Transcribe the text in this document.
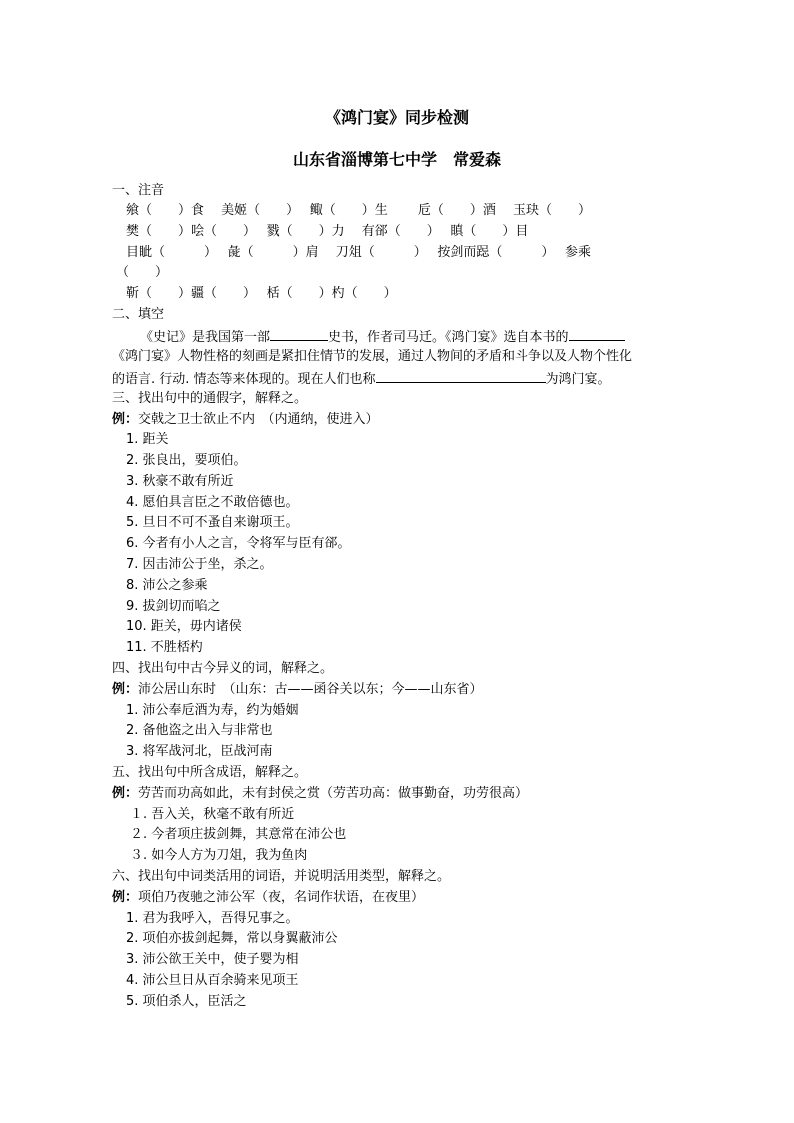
《鸿门宴》同步检测
山东省淄博第七中学　常爱森
一、注音
飨（　　）食　 美姬（　　）　 鲰（　　）生　　 卮（　　）酒　 玉玦（　　）
樊（　　）哙（　　）　 戮（　　）力　 有郤（　　）　 瞋（　　）目
目眦（　　　）　 彘（　　　）肩　 刀俎（　　　）　 按剑而跽（　　　）　 参乘
（　　）
靳（　　）疆（　　）　 栝（　　）杓（　　）
二、填空
《史记》是我国第一部	史书，作者司马迁。《鸿门宴》选自本书的
《鸿门宴》人物性格的刻画是紧扣住情节的发展，通过人物间的矛盾和斗争以及人物个性化
的语言. 行动. 情态等来体现的。现在人们也称	为鸿门宴。
三、找出句中的通假字，解释之。
例：交戟之卫士欲止不内　（内通纳，使进入）
1. 距关
2. 张良出，要项伯。
3. 秋豪不敢有所近
4. 愿伯具言臣之不敢倍德也。
5. 旦日不可不蚤自来谢项王。
6. 今者有小人之言，令将军与臣有郤。
7. 因击沛公于坐，杀之。
8. 沛公之参乘
9. 拔剑切而啗之
10. 距关，毋内诸侯
11. 不胜桮杓
四、找出句中古今异义的词，解释之。
例：沛公居山东时　（山东：古——函谷关以东；今——山东省）
1. 沛公奉卮酒为寿，约为婚姻
2. 备他盗之出入与非常也
3. 将军战河北，臣战河南
五、找出句中所含成语，解释之。
例：劳苦而功高如此，未有封侯之赏（劳苦功高：做事勤奋，功劳很高）
１. 吾入关，秋毫不敢有所近
２. 今者项庄拔剑舞，其意常在沛公也
３. 如今人方为刀俎，我为鱼肉
六、找出句中词类活用的词语，并说明活用类型，解释之。
例：项伯乃夜驰之沛公军（夜，名词作状语，在夜里）
1. 君为我呼入，吾得兄事之。
2. 项伯亦拔剑起舞，常以身翼蔽沛公
3. 沛公欲王关中，使子婴为相
4. 沛公旦日从百余骑来见项王
5. 项伯杀人，臣活之
